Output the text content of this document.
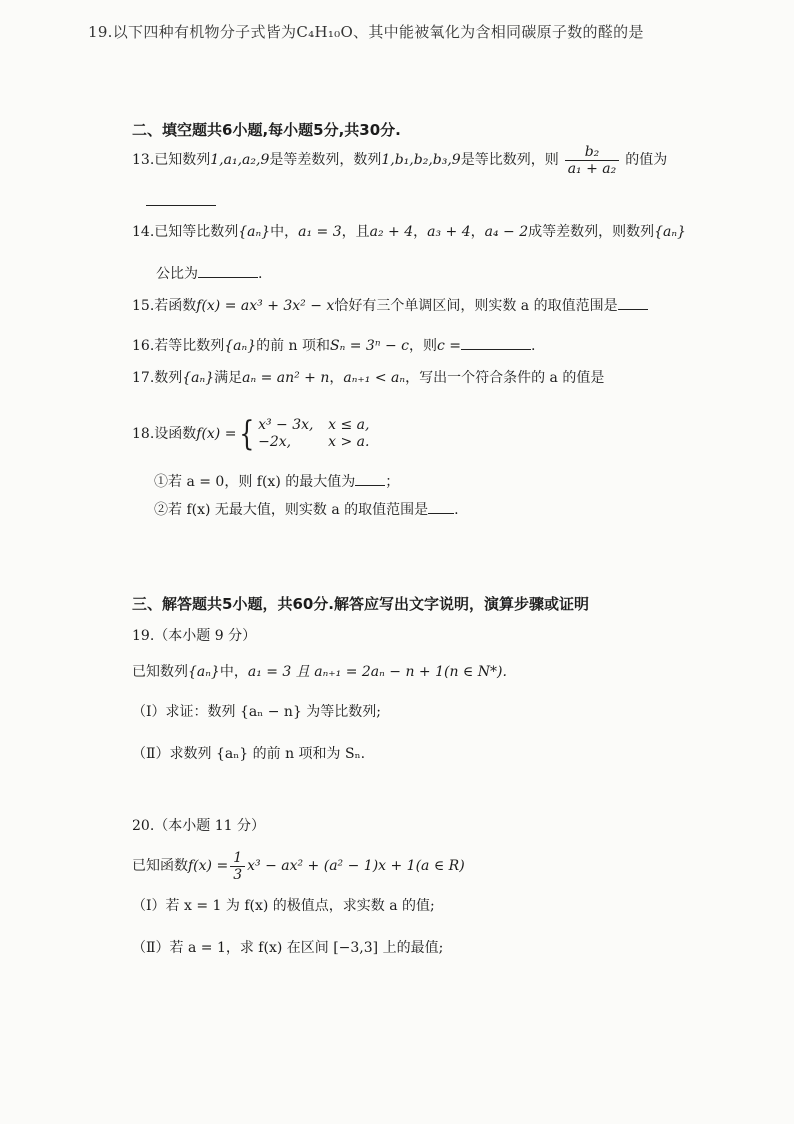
19.以下四种有机物分子式皆为C₄H₁₀O、其中能被氧化为含相同碳原子数的醛的是
二、填空题共6小题,每小题5分,共30分.
13.已知数列1,a₁,a₂,9是等差数列，数列1,b₁,b₂,b₃,9是等比数列，则 $\frac{\text{b₂}}{\text{a₁ + a₂}}$ 的值为
14.已知等比数列{aₙ}中，a₁ = 3，且a₂ + 4，a₃ + 4，a₄ − 2成等差数列，则数列{aₙ}
公比为	.
15.若函数f(x) = ax³ + 3x² − x恰好有三个单调区间，则实数 a 的取值范围是
16.若等比数列{aₙ}的前 n 项和Sₙ = 3ⁿ − c，则c =	.
17.数列{aₙ}满足aₙ = an² + n，aₙ₊₁ < aₙ，写出一个符合条件的 a 的值是
18.设函数f(x) ={ x³ − 3x, x ≤ a,
−2x,	x > a.
①若 a = 0，则 f(x) 的最大值为 ；
②若 f(x) 无最大值，则实数 a 的取值范围是 .
三、解答题共5小题，共60分.解答应写出文字说明，演算步骤或证明
19.（本小题 9 分）
已知数列{aₙ}中，a₁ = 3 且 aₙ₊₁ = 2aₙ − n + 1(n ∈ N*).
（Ⅰ）求证：数列 {aₙ − n} 为等比数列;
（Ⅱ）求数列 {aₙ} 的前 n 项和为 Sₙ.
20.（本小题 11 分）
已知函数$f(x) = \frac{1}{3} x^3 - ax^2 + (a^2 - 1)x + 1(a$ ∈ R)
（Ⅰ）若 x = 1 为 f(x) 的极值点，求实数 a 的值;
（Ⅱ）若 a = 1，求 f(x) 在区间 [−3,3] 上的最值;
